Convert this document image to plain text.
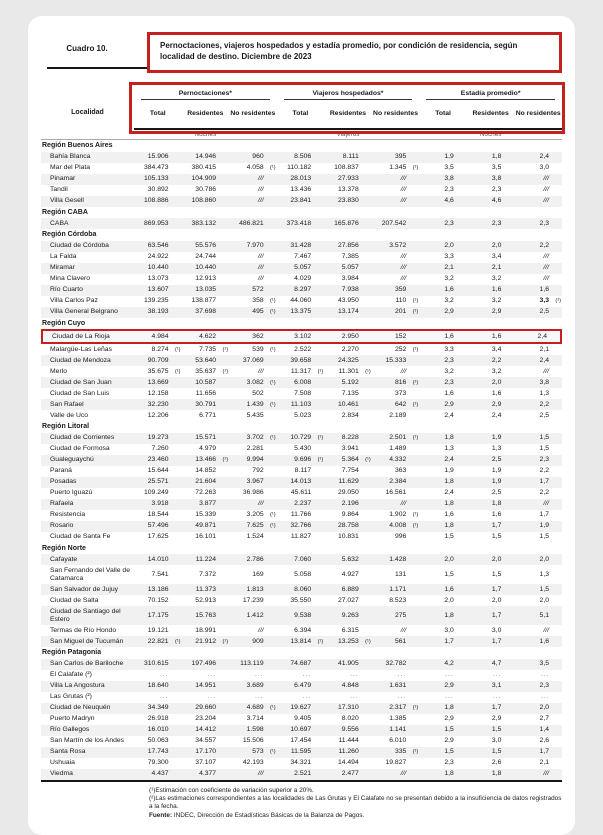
Cuadro 10.	Pernoctaciones, viajeros hospedados y estadía promedio, por condición de residencia, según localidad de destino. Diciembre de 2023
Localidad	Pernoctaciones*			Viajeros hospedados*			Estadía promedio*		

	Total	Residentes	No residentes	Total	Residentes	No residentes	Total	Residentes	No residentes
	Noches			Viajeros			Noches		
Región Buenos Aires									
Bahía Blanca	15.906	14.946	960	8.506	8.111	395	1,9	1,8	2,4
Mar del Plata	384.473	380.415	4.058 (¹)	110.182	108.837	1.345 (¹)	3,5	3,5	3,0
Pinamar	105.133	104.909	///	28.013	27.933	///	3,8	3,8	///
Tandil	30.892	30.786	///	13.436	13.378	///	2,3	2,3	///
Villa Gesell	108.886	108.860	///	23.841	23.830	///	4,6	4,6	///
Región CABA									
CABA	869.953	383.132	486.821	373.418	165.876	207.542	2,3	2,3	2,3
Región Córdoba									
Ciudad de Córdoba	63.546	55.576	7.970	31.428	27.856	3.572	2,0	2,0	2,2
La Falda	24.922	24.744	///	7.467	7.385	///	3,3	3,4	///
Miramar	10.440	10.440	///	5.057	5.057	///	2,1	2,1	///
Mina Clavero	13.073	12.913	///	4.029	3.984	///	3,2	3,2	///
Río Cuarto	13.607	13.035	572	8.297	7.938	359	1,6	1,6	1,6
Villa Carlos Paz	139.235	138.877	358 (¹)	44.060	43.950	110 (¹)	3,2	3,2	3,3 (¹)

Villa General Belgrano	38.193	37.698	495 (¹)	13.375	13.174	201 (¹)	2,9	2,9	2,5
Región Cuyo									
Ciudad de La Rioja	4.984	4.622	362	3.102	2.950	152	1,6	1,6	2,4
Malargüe-Las Leñas	8.274 (¹)	7.735 (¹)	539 (¹)	2.522	2.270	252 (¹)	3,3	3,4	2,1
Ciudad de Mendoza	90.709	53.640	37.069	39.658	24.325	15.333	2,3	2,2	2,4
Merlo	35.675 (¹)	35.637 (¹)	///	11.317 (¹)	11.301 (¹)	///	3,2	3,2	///
Ciudad de San Juan	13.669	10.587	3.082 (¹)	6.008	5.192	816 (¹)	2,3	2,0	3,8
Ciudad de San Luis	12.158	11.656	502	7.508	7.135	373	1,6	1,6	1,3
San Rafael	32.230	30.791	1.439 (¹)	11.103	10.461	642 (¹)	2,9	2,9	2,2
Valle de Uco	12.206	6.771	5.435	5.023	2.834	2.189	2,4	2,4	2,5
Región Litoral									
Ciudad de Corrientes	19.273	15.571	3.702 (¹)	10.729 (¹)	8.228	2.501 (¹)	1,8	1,9	1,5
Ciudad de Formosa	7.260	4.979	2.281	5.430	3.941	1.489	1,3	1,3	1,5
Gualeguaychú	23.460	13.466 (¹)	9.994	9.696 (¹)	5.364 (¹)	4.332	2,4	2,5	2,3
Paraná	15.644	14.852	792	8.117	7.754	363	1,9	1,9	2,2
Posadas	25.571	21.604	3.967	14.013	11.629	2.384	1,8	1,9	1,7
Puerto Iguazú	109.249	72.263	36.986	45.611	29.050	16.561	2,4	2,5	2,2
Rafaela	3.918	3.877	///	2.237	2.196	///	1,8	1,8	///
Resistencia	18.544	15.339	3.205 (¹)	11.766	9.864	1.902 (¹)	1,6	1,6	1,7
Rosario	57.496	49.871	7.625 (¹)	32.766	28.758	4.008 (¹)	1,8	1,7	1,9
Ciudad de Santa Fe	17.625	16.101	1.524	11.827	10.831	996	1,5	1,5	1,5
Región Norte									
Cafayate	14.010	11.224	2.786	7.060	5.632	1.428	2,0	2,0	2,0
San Fernando del Valle de Catamarca	7.541	7.372	169	5.058	4.927	131	1,5	1,5	1,3
San Salvador de Jujuy	13.186	11.373	1.813	8.060	6.889	1.171	1,6	1,7	1,5
Ciudad de Salta	70.152	52.913	17.239	35.550	27.027	8.523	2,0	2,0	2,0
Ciudad de Santiago del Estero	17.175	15.763	1.412	9.538	9.263	275	1,8	1,7	5,1
Termas de Río Hondo	19.121	18.991	///	6.394	6.315	///	3,0	3,0	///
San Miguel de Tucumán	22.821 (¹)	21.912 (¹)	909	13.814 (¹)	13.253 (¹)	561	1,7	1,7	1,6
Región Patagonia									
San Carlos de Bariloche	310.615	197.496	113.119	74.687	41.905	32.782	4,2	4,7	3,5
El Calafate (²)	...	...	...	...	...	...	...	...	...
Villa La Angostura	18.640	14.951	3.689	6.479	4.848	1.631	2,9	3,1	2,3
Las Grutas (²)	...	...	...	...	...	...	...	...	...
Ciudad de Neuquén	34.349	29.660	4.689 (¹)	19.627	17.310	2.317 (¹)	1,8	1,7	2,0
Puerto Madryn	26.918	23.204	3.714	9.405	8.020	1.385	2,9	2,9	2,7
Río Gallegos	16.010	14.412	1.598	10.697	9.556	1.141	1,5	1,5	1,4
San Martín de los Andes	50.063	34.557	15.506	17.454	11.444	6.010	2,9	3,0	2,6
Santa Rosa	17.743	17.170	573 (¹)	11.595	11.260	335 (¹)	1,5	1,5	1,7
Ushuaia	79.300	37.107	42.193	34.321	14.494	19.827	2,3	2,6	2,1
Viedma	4.437	4.377	///	2.521	2.477	///	1,8	1,8	///

(¹)Estimación con coeficiente de variación superior a 20%.

(²)Las estimaciones correspondientes a las localidades de Las Grutas y El Calafate no se presentan debido a la insuficiencia de datos registrados a la fecha.

Fuente: INDEC, Dirección de Estadísticas Básicas de la Balanza de Pagos.
